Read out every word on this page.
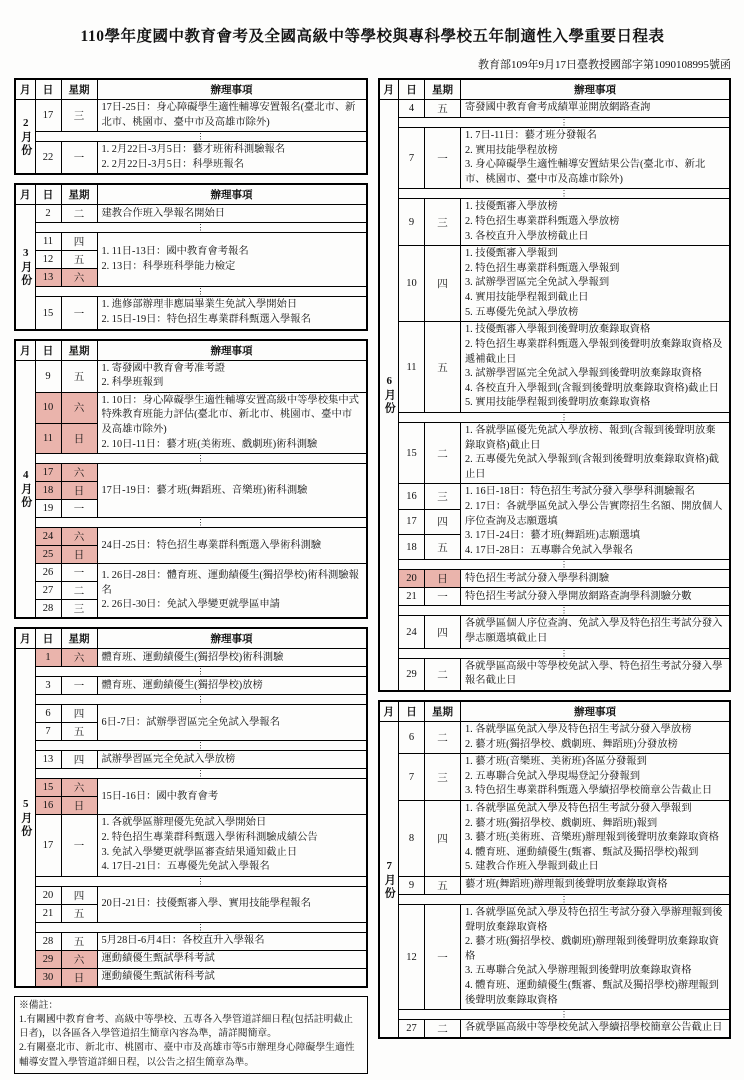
110學年度國中教育會考及全國高級中等學校與專科學校五年制適性入學重要日程表
教育部109年9月17日臺教授國部字第1090108995號函
月	日	星期	辦理事項

2月份	17	三	17日-25日：身心障礙學生適性輔導安置報名(臺北市、新北市、桃園市、臺中市及高雄市除外)

	⋮		
	22	一	1. 2月22日-3月5日：藝才班術科測驗報名
2. 2月22日-3月5日：科學班報名
月	日	星期	辦理事項

3月份	2	二	建教合作班入學報名開始日

	⋮		
	11	四	1. 11日-13日：國中教育會考報名
2. 13日：科學班科學能力檢定

	12	五	
	13	六	
	⋮		
	15	一	1. 進修部辦理非應屆畢業生免試入學開始日
2. 15日-19日：特色招生專業群科甄選入學報名
月	日	星期	辦理事項

4月份	9	五	1. 寄發國中教育會考准考證
2. 科學班報到

	10	六	1. 10日：身心障礙學生適性輔導安置高級中等學校集中式特殊教育班能力評估(臺北市、新北市、桃園市、臺中市及高雄市除外)
2. 10日-11日：藝才班(美術班、戲劇班)術科測驗

	11	日	
	⋮		
	17	六	17日-19日：藝才班(舞蹈班、音樂班)術科測驗

	18	日	
	19	一	
	⋮		
	24	六	24日-25日：特色招生專業群科甄選入學術科測驗

	25	日	
	26	一	1. 26日-28日：體育班、運動績優生(獨招學校)術科測驗報名
2. 26日-30日：免試入學變更就學區申請

	27	二	
	28	三	
月	日	星期	辦理事項

5月份	1	六	體育班、運動績優生(獨招學校)術科測驗

	⋮		
	3	一	體育班、運動績優生(獨招學校)放榜

	⋮		
	6	四	6日-7日：試辦學習區完全免試入學報名

	7	五	
	⋮		
	13	四	試辦學習區完全免試入學放榜

	⋮		
	15	六	15日-16日：國中教育會考

	16	日	
	17	一	1. 各就學區辦理優先免試入學開始日
2. 特色招生專業群科甄選入學術科測驗成績公告
3. 免試入學變更就學區審查結果通知截止日
4. 17日-21日：五專優先免試入學報名

	⋮		
	20	四	20日-21日：技優甄審入學、實用技能學程報名

	21	五	
	⋮		
	28	五	5月28日-6月4日：各校直升入學報名

	29	六	運動績優生甄試學科考試

	30	日	運動績優生甄試術科考試
※備註：
1.有關國中教育會考、高級中等學校、五專各入學管道詳細日程(包括註明截止日者)，以各區各入學管道招生簡章內容為準，請詳閱簡章。
2.有關臺北市、新北市、桃園市、臺中市及高雄市等5市辦理身心障礙學生適性輔導安置入學管道詳細日程，以公告之招生簡章為準。
月	日	星期	辦理事項

6月份	4	五	寄發國中教育會考成績單並開放網路查詢

	⋮		
	7	一	1. 7日-11日：藝才班分發報名
2. 實用技能學程放榜
3. 身心障礙學生適性輔導安置結果公告(臺北市、新北市、桃園市、臺中市及高雄市除外)

	⋮		
	9	三	1. 技優甄審入學放榜
2. 特色招生專業群科甄選入學放榜
3. 各校直升入學放榜截止日

	10	四	1. 技優甄審入學報到
2. 特色招生專業群科甄選入學報到
3. 試辦學習區完全免試入學報到
4. 實用技能學程報到截止日
5. 五專優先免試入學放榜

	11	五	1. 技優甄審入學報到後聲明放棄錄取資格
2. 特色招生專業群科甄選入學報到後聲明放棄錄取資格及遞補截止日
3. 試辦學習區完全免試入學報到後聲明放棄錄取資格
4. 各校直升入學報到(含報到後聲明放棄錄取資格)截止日
5. 實用技能學程報到後聲明放棄錄取資格

	⋮		
	15	二	1. 各就學區優先免試入學放榜、報到(含報到後聲明放棄錄取資格)截止日
2. 五專優先免試入學報到(含報到後聲明放棄錄取資格)截止日

	16	三	1. 16日-18日：特色招生考試分發入學學科測驗報名
2. 17日：各就學區免試入學公告實際招生名額、開放個人序位查詢及志願選填
3. 17日-24日：藝才班(舞蹈班)志願選填
4. 17日-28日：五專聯合免試入學報名

	17	四	
	18	五	
	⋮		
	20	日	特色招生考試分發入學學科測驗

	21	一	特色招生考試分發入學開放網路查詢學科測驗分數

	⋮		
	24	四	各就學區個人序位查詢、免試入學及特色招生考試分發入學志願選填截止日

	⋮		
	29	二	各就學區高級中等學校免試入學、特色招生考試分發入學報名截止日
月	日	星期	辦理事項

7月份	6	二	1. 各就學區免試入學及特色招生考試分發入學放榜
2. 藝才班(獨招學校、戲劇班、舞蹈班)分發放榜

	7	三	1. 藝才班(音樂班、美術班)各區分發報到
2. 五專聯合免試入學現場登記分發報到
3. 特色招生專業群科甄選入學續招學校簡章公告截止日

	8	四	1. 各就學區免試入學及特色招生考試分發入學報到
2. 藝才班(獨招學校、戲劇班、舞蹈班)報到
3. 藝才班(美術班、音樂班)辦理報到後聲明放棄錄取資格
4. 體育班、運動績優生(甄審、甄試及獨招學校)報到
5. 建教合作班入學報到截止日

	9	五	藝才班(舞蹈班)辦理報到後聲明放棄錄取資格

	⋮		
	12	一	1. 各就學區免試入學及特色招生考試分發入學辦理報到後聲明放棄錄取資格
2. 藝才班(獨招學校、戲劇班)辦理報到後聲明放棄錄取資格
3. 五專聯合免試入學辦理報到後聲明放棄錄取資格
4. 體育班、運動績優生(甄審、甄試及獨招學校)辦理報到後聲明放棄錄取資格

	⋮		
	27	二	各就學區高級中等學校免試入學續招學校簡章公告截止日
